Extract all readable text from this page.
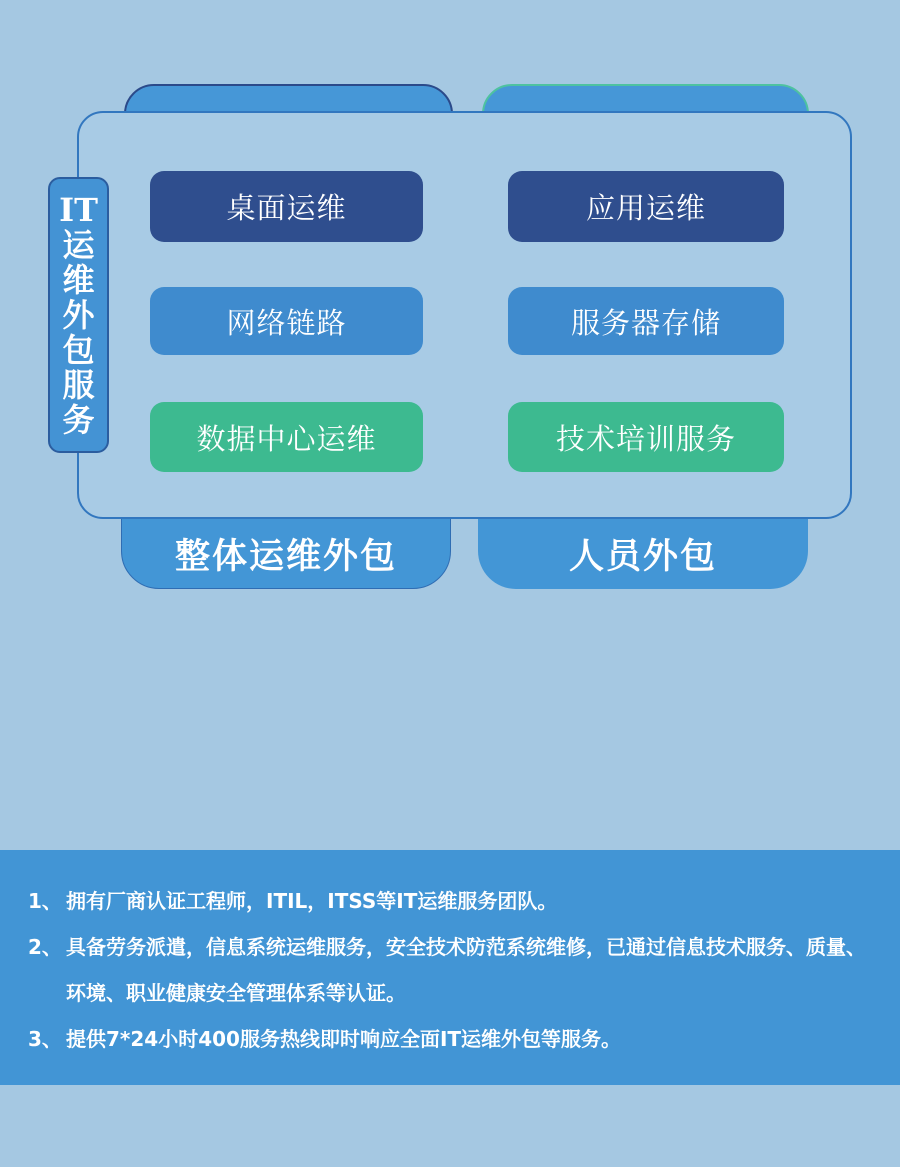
IT
运
维
外
包
服
务
桌面运维	应用运维
网络链路	服务器存储
数据中心运维	技术培训服务
整体运维外包	人员外包
1、 拥有厂商认证工程师，ITIL，ITSS等IT运维服务团队。
2、 具备劳务派遣，信息系统运维服务，安全技术防范系统维修，已通过信息技术服务、质量、
环境、职业健康安全管理体系等认证。
3、 提供7*24小时400服务热线即时响应全面IT运维外包等服务。
